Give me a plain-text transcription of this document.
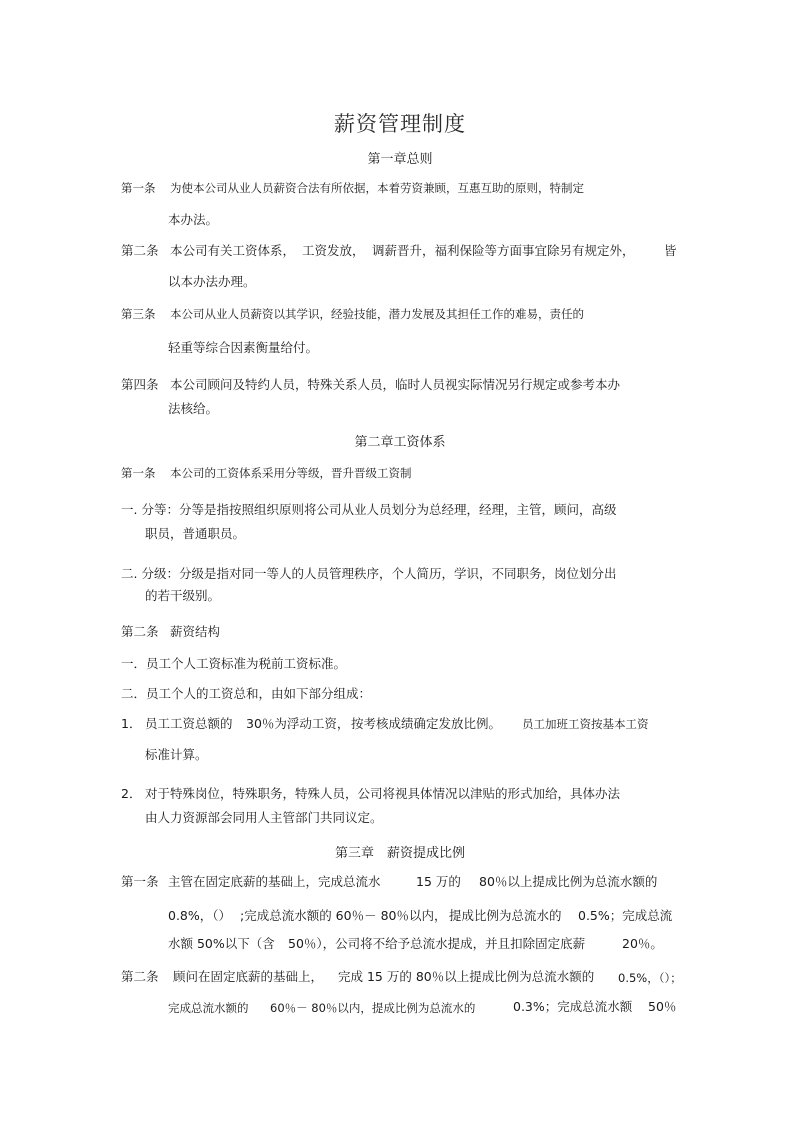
薪资管理制度
第一章总则
第一条 为使本公司从业人员薪资合法有所依据，本着劳资兼顾，互惠互助的原则，特制定
本办法。
第二条 本公司有关工资体系， 工资发放， 调薪晋升，福利保险等方面事宜除另有规定外， 皆
以本办法办理。
第三条 本公司从业人员薪资以其学识，经验技能，潜力发展及其担任工作的难易，责任的
轻重等综合因素衡量给付。
第四条 本公司顾问及特约人员，特殊关系人员，临时人员视实际情况另行规定或参考本办
法核给。
第二章工资体系
第一条 本公司的工资体系采用分等级，晋升晋级工资制
一. 分等：分等是指按照组织原则将公司从业人员划分为总经理，经理，主管，顾问，高级
职员，普通职员。
二. 分级：分级是指对同一等人的人员管理秩序，个人简历，学识，不同职务，岗位划分出
的若干级别。
第二条 薪资结构
一．员工个人工资标准为税前工资标准。
二．员工个人的工资总和，由如下部分组成：
1． 员工工资总额的 30％为浮动工资， 按考核成绩确定发放比例。 员工加班工资按基本工资
标准计算。
2． 对于特殊岗位，特殊职务，特殊人员，公司将视具体情况以津贴的形式加给，具体办法
由人力资源部会同用人主管部门共同议定。
第三章　薪资提成比例
第一条 主管在固定底薪的基础上，完成总流水	15 万的 80％以上提成比例为总流水额的
0.8%，（） ;完成总流水额的 60％－ 80％以内， 提成比例为总流水的 0.5%；完成总流
水额 50%以下（含 50％），公司将不给予总流水提成，并且扣除固定底薪	20％。
第二条 顾问在固定底薪的基础上， 完成 15 万的 80％以上提成比例为总流水额的 0.5%，（）；
完成总流水额的 60％－ 80％以内，提成比例为总流水的	0.3%；完成总流水额 50％
